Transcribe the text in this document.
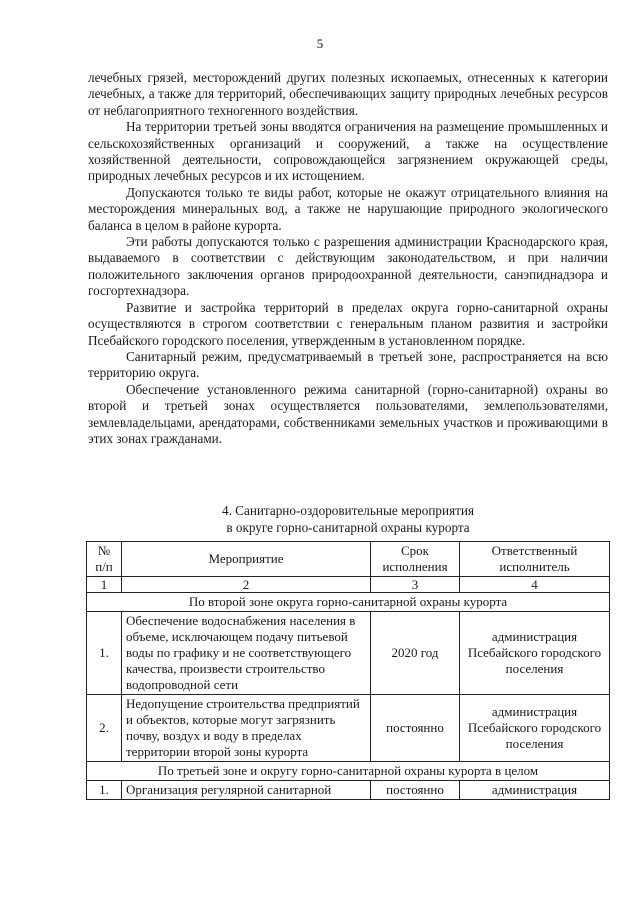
5

лечебных грязей, месторождений других полезных ископаемых, отнесенных к категории лечебных, а также для территорий, обеспечивающих защиту природных лечебных ресурсов от неблагоприятного техногенного воздействия.

На территории третьей зоны вводятся ограничения на размещение промышленных и сельскохозяйственных организаций и сооружений, а также на осуществление хозяйственной деятельности, сопровождающейся загрязнением окружающей среды, природных лечебных ресурсов и их истощением.

Допускаются только те виды работ, которые не окажут отрицательного влияния на месторождения минеральных вод, а также не нарушающие природного экологического баланса в целом в районе курорта.

Эти работы допускаются только с разрешения администрации Краснодарского края, выдаваемого в соответствии с действующим законодательством, и при наличии положительного заключения органов природоохранной деятельности, санэпиднадзора и госгортехнадзора.

Развитие и застройка территорий в пределах округа горно-санитарной охраны осуществляются в строгом соответствии с генеральным планом развития и застройки Псебайского городского поселения, утвержденным в установленном порядке.

Санитарный режим, предусматриваемый в третьей зоне, распространяется на всю территорию округа.

Обеспечение установленного режима санитарной (горно-санитарной) охраны во второй и третьей зонах осуществляется пользователями, землепользователями, землевладельцами, арендаторами, собственниками земельных участков и проживающими в этих зонах гражданами.

4. Санитарно-оздоровительные мероприятия
в округе горно-санитарной охраны курорта
№ п/п	Мероприятие	Срок исполнения	Ответственный исполнитель
1	2	3	4
По второй зоне округа горно-санитарной охраны курорта			
1.	Обеспечение водоснабжения населения в объеме, исключающем подачу питьевой воды по графику и не соответствующего качества, произвести строительство водопроводной сети	2020 год	администрация Псебайского городского поселения
2.	Недопущение строительства предприятий и объектов, которые могут загрязнить почву, воздух и воду в пределах территории второй зоны курорта	постоянно	администрация Псебайского городского поселения
По третьей зоне и округу горно-санитарной охраны курорта в целом			
1.	Организация регулярной санитарной	постоянно	администрация
